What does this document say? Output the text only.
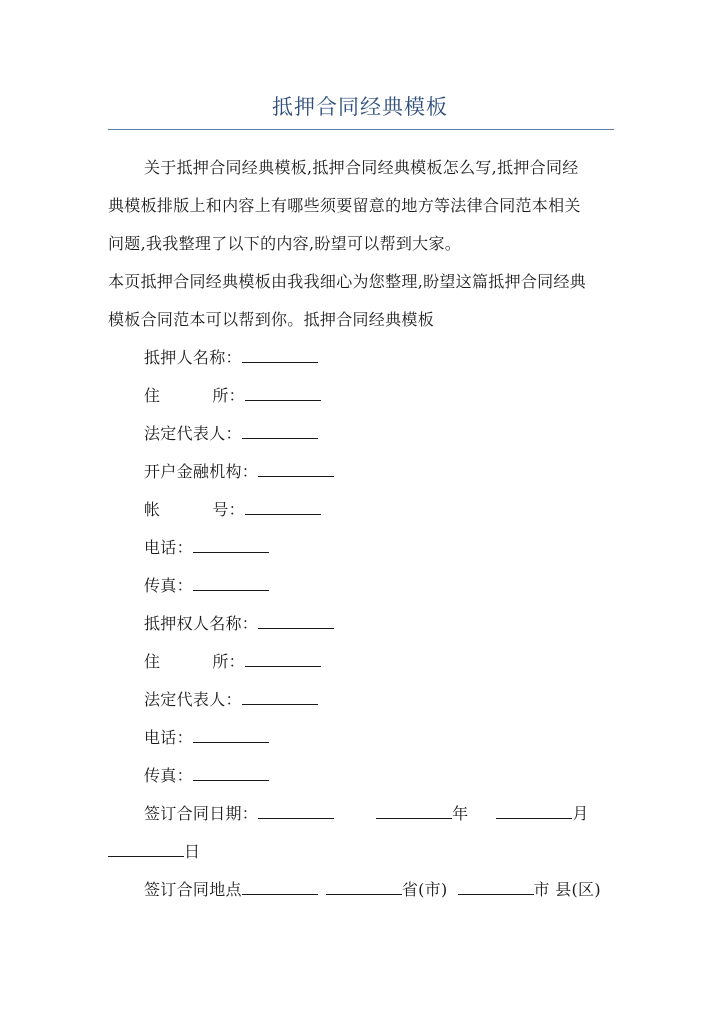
抵押合同经典模板
关于抵押合同经典模板,抵押合同经典模板怎么写,抵押合同经
典模板排版上和内容上有哪些须要留意的地方等法律合同范本相关
问题,我我整理了以下的内容,盼望可以帮到大家。
本页抵押合同经典模板由我我细心为您整理,盼望这篇抵押合同经典
模板合同范本可以帮到你。抵押合同经典模板
抵押人名称：
住	所：
法定代表人：
开户金融机构：
帐	号：
电话：
传真：
抵押权人名称：
住	所：
法定代表人：
电话：
传真：
签订合同日期：	年	月
日
签订合同地点	省(市)	市 县(区)
